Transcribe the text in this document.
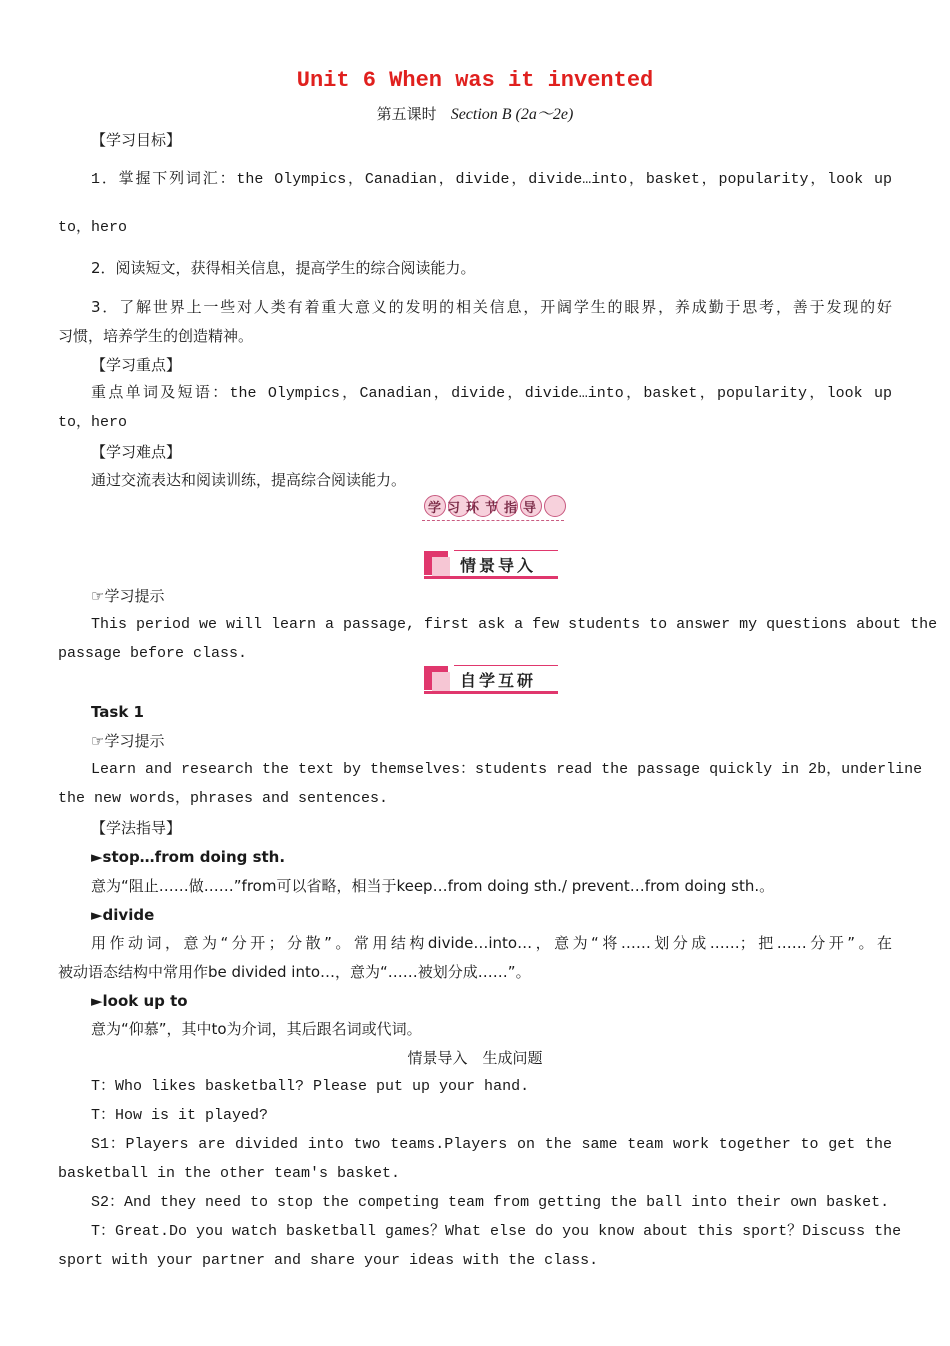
Unit 6 When was it invented
第五课时 Section B (2a～2e)
【学习目标】
1．掌握下列词汇：the Olympics，Canadian，divide，divide…into，basket，popularity，look up
to，hero
2．阅读短文，获得相关信息，提高学生的综合阅读能力。
3．了解世界上一些对人类有着重大意义的发明的相关信息，开阔学生的眼界，养成勤于思考，善于发现的好
习惯，培养学生的创造精神。
【学习重点】
重点单词及短语：the Olympics，Canadian，divide，divide…into，basket，popularity，look up
to，hero
【学习难点】
通过交流表达和阅读训练，提高综合阅读能力。
学习环节指导
情景导入
☞学习提示
This period we will learn a passage, first ask a few students to answer my questions about the
passage before class.
自学互研
Task 1
☞学习提示
Learn and research the text by themselves：students read the passage quickly in 2b，underline
the new words，phrases and sentences.
【学法指导】
►stop…from doing sth.
意为“阻止……做……”from可以省略，相当于keep…from doing sth./ prevent…from doing sth.。
►divide
用作动词，意为“分开；分散”。常用结构divide…into…，意为“将……划分成……；把……分开”。在
被动语态结构中常用作be divided into…，意为“……被划分成……”。
►look up to
意为“仰慕”，其中to为介词，其后跟名词或代词。
情景导入　生成问题
T：Who likes basketball? Please put up your hand.
T：How is it played?
S1：Players are divided into two teams.Players on the same team work together to get the
basketball in the other team's basket.
S2：And they need to stop the competing team from getting the ball into their own basket.
T：Great.Do you watch basketball games？What else do you know about this sport？Discuss the
sport with your partner and share your ideas with the class.
